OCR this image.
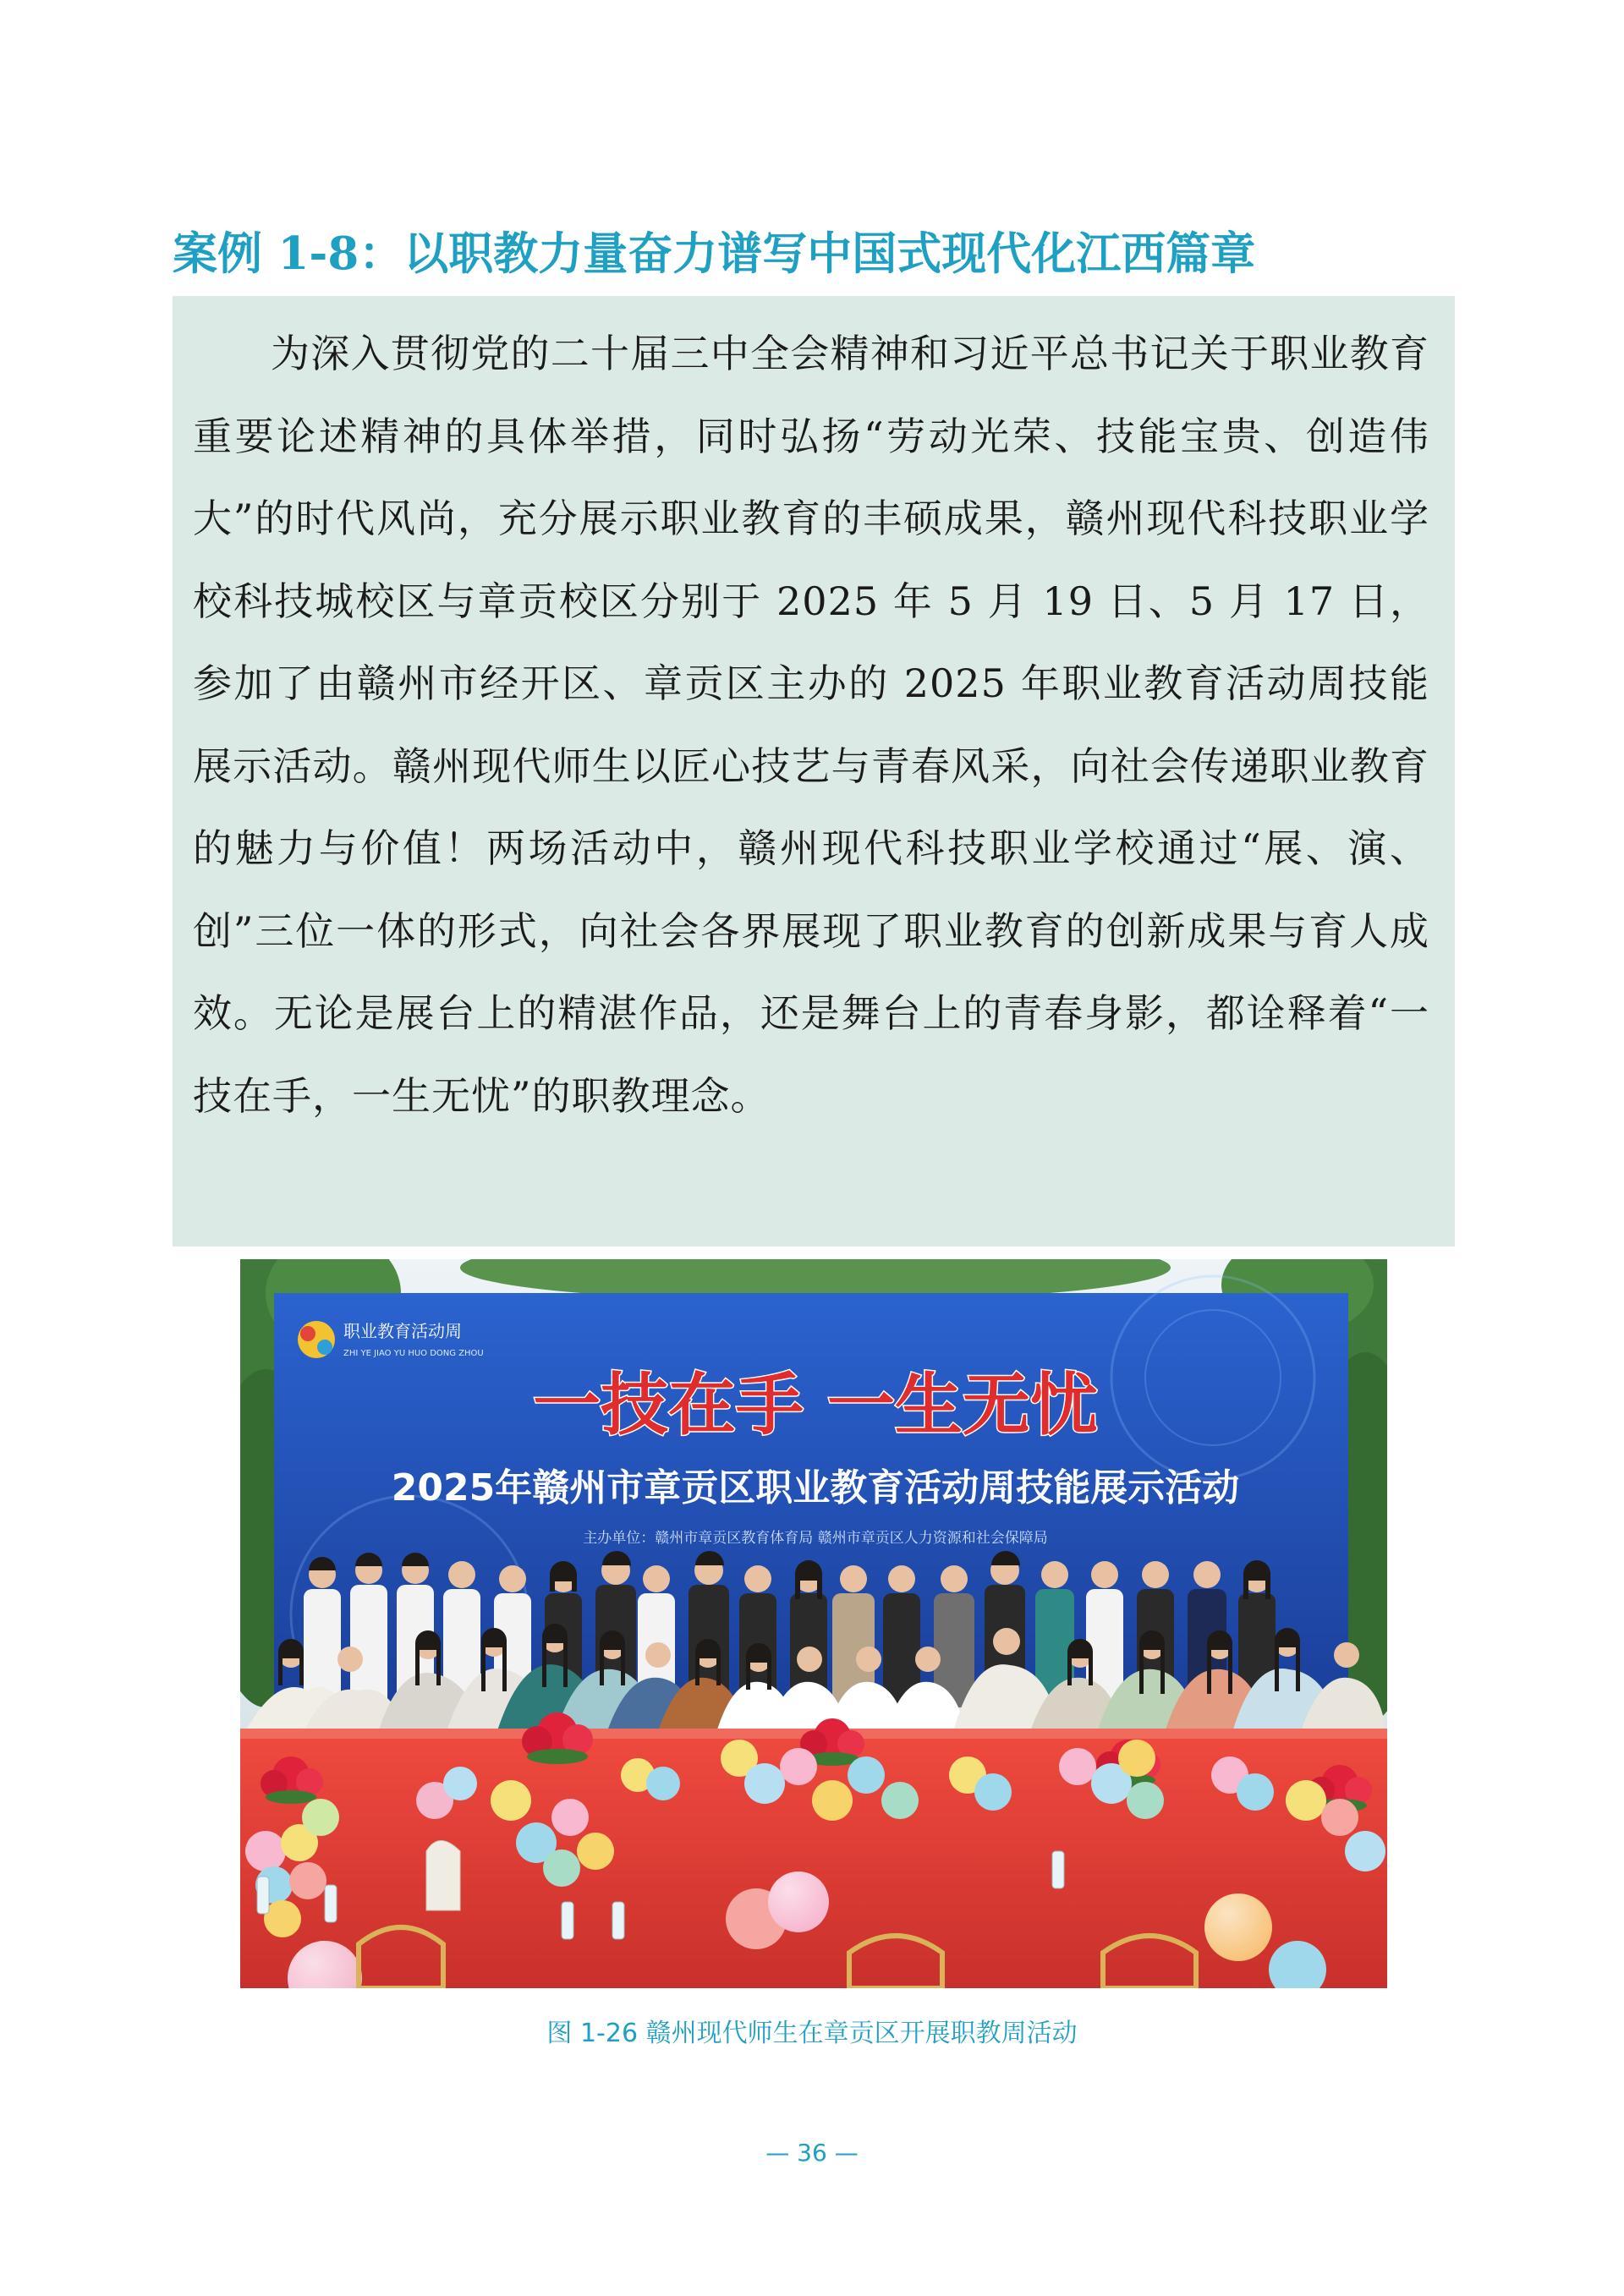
案例 1-8：以职教力量奋力谱写中国式现代化江西篇章

为深入贯彻党的二十届三中全会精神和习近平总书记关于职业教育重要论述精神的具体举措，同时弘扬“劳动光荣、技能宝贵、创造伟大”的时代风尚，充分展示职业教育的丰硕成果，赣州现代科技职业学校科技城校区与章贡校区分别于 2025 年 5 月 19 日、5 月 17 日，参加了由赣州市经开区、章贡区主办的 2025 年职业教育活动周技能展示活动。赣州现代师生以匠心技艺与青春风采，向社会传递职业教育的魅力与价值！两场活动中，赣州现代科技职业学校通过“展、演、创”三位一体的形式，向社会各界展现了职业教育的创新成果与育人成效。无论是展台上的精湛作品，还是舞台上的青春身影，都诠释着“一技在手，一生无忧”的职教理念。

职业教育活动周
ZHI YE JIAO YU HUO DONG ZHOU
一技在手 一生无忧
2025年赣州市章贡区职业教育活动周技能展示活动
主办单位：赣州市章贡区教育体育局 赣州市章贡区人力资源和社会保障局
图 1-26 赣州现代师生在章贡区开展职教周活动
— 36 —
